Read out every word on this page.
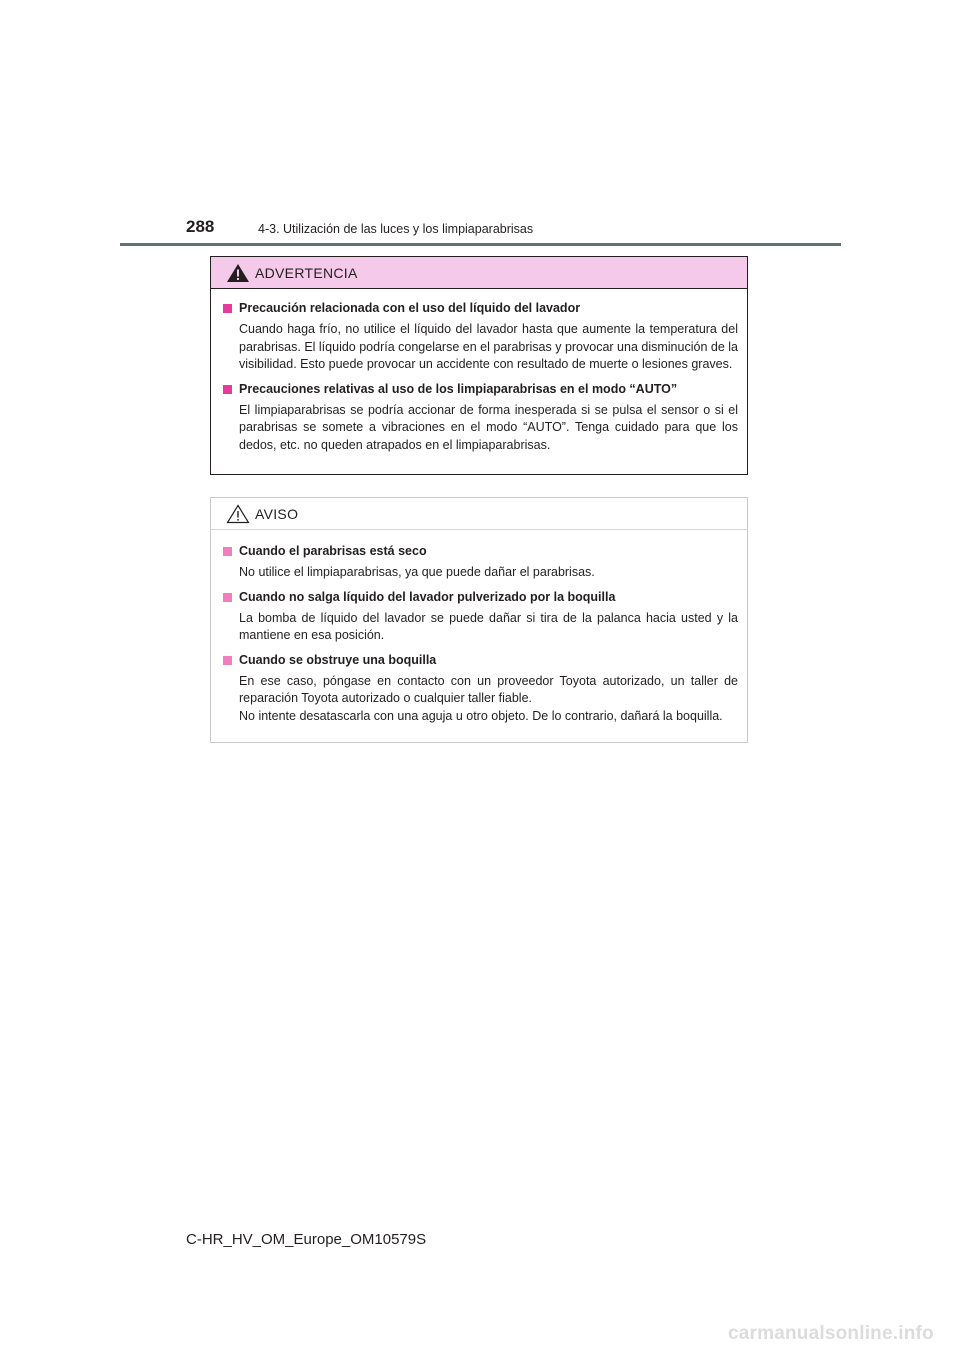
288	4-3. Utilización de las luces y los limpiaparabrisas
ADVERTENCIA
Precaución relacionada con el uso del líquido del lavador
Cuando haga frío, no utilice el líquido del lavador hasta que aumente la temperatura del parabrisas. El líquido podría congelarse en el parabrisas y provocar una disminución de la visibilidad. Esto puede provocar un accidente con resultado de muerte o lesiones graves.
Precauciones relativas al uso de los limpiaparabrisas en el modo “AUTO”
El limpiaparabrisas se podría accionar de forma inesperada si se pulsa el sensor o si el parabrisas se somete a vibraciones en el modo “AUTO”. Tenga cuidado para que los dedos, etc. no queden atrapados en el limpiaparabrisas.
AVISO
Cuando el parabrisas está seco
No utilice el limpiaparabrisas, ya que puede dañar el parabrisas.
Cuando no salga líquido del lavador pulverizado por la boquilla
La bomba de líquido del lavador se puede dañar si tira de la palanca hacia usted y la mantiene en esa posición.
Cuando se obstruye una boquilla
En ese caso, póngase en contacto con un proveedor Toyota autorizado, un taller de reparación Toyota autorizado o cualquier taller fiable.
No intente desatascarla con una aguja u otro objeto. De lo contrario, dañará la boquilla.
C-HR_HV_OM_Europe_OM10579S
carmanualsonline.info
